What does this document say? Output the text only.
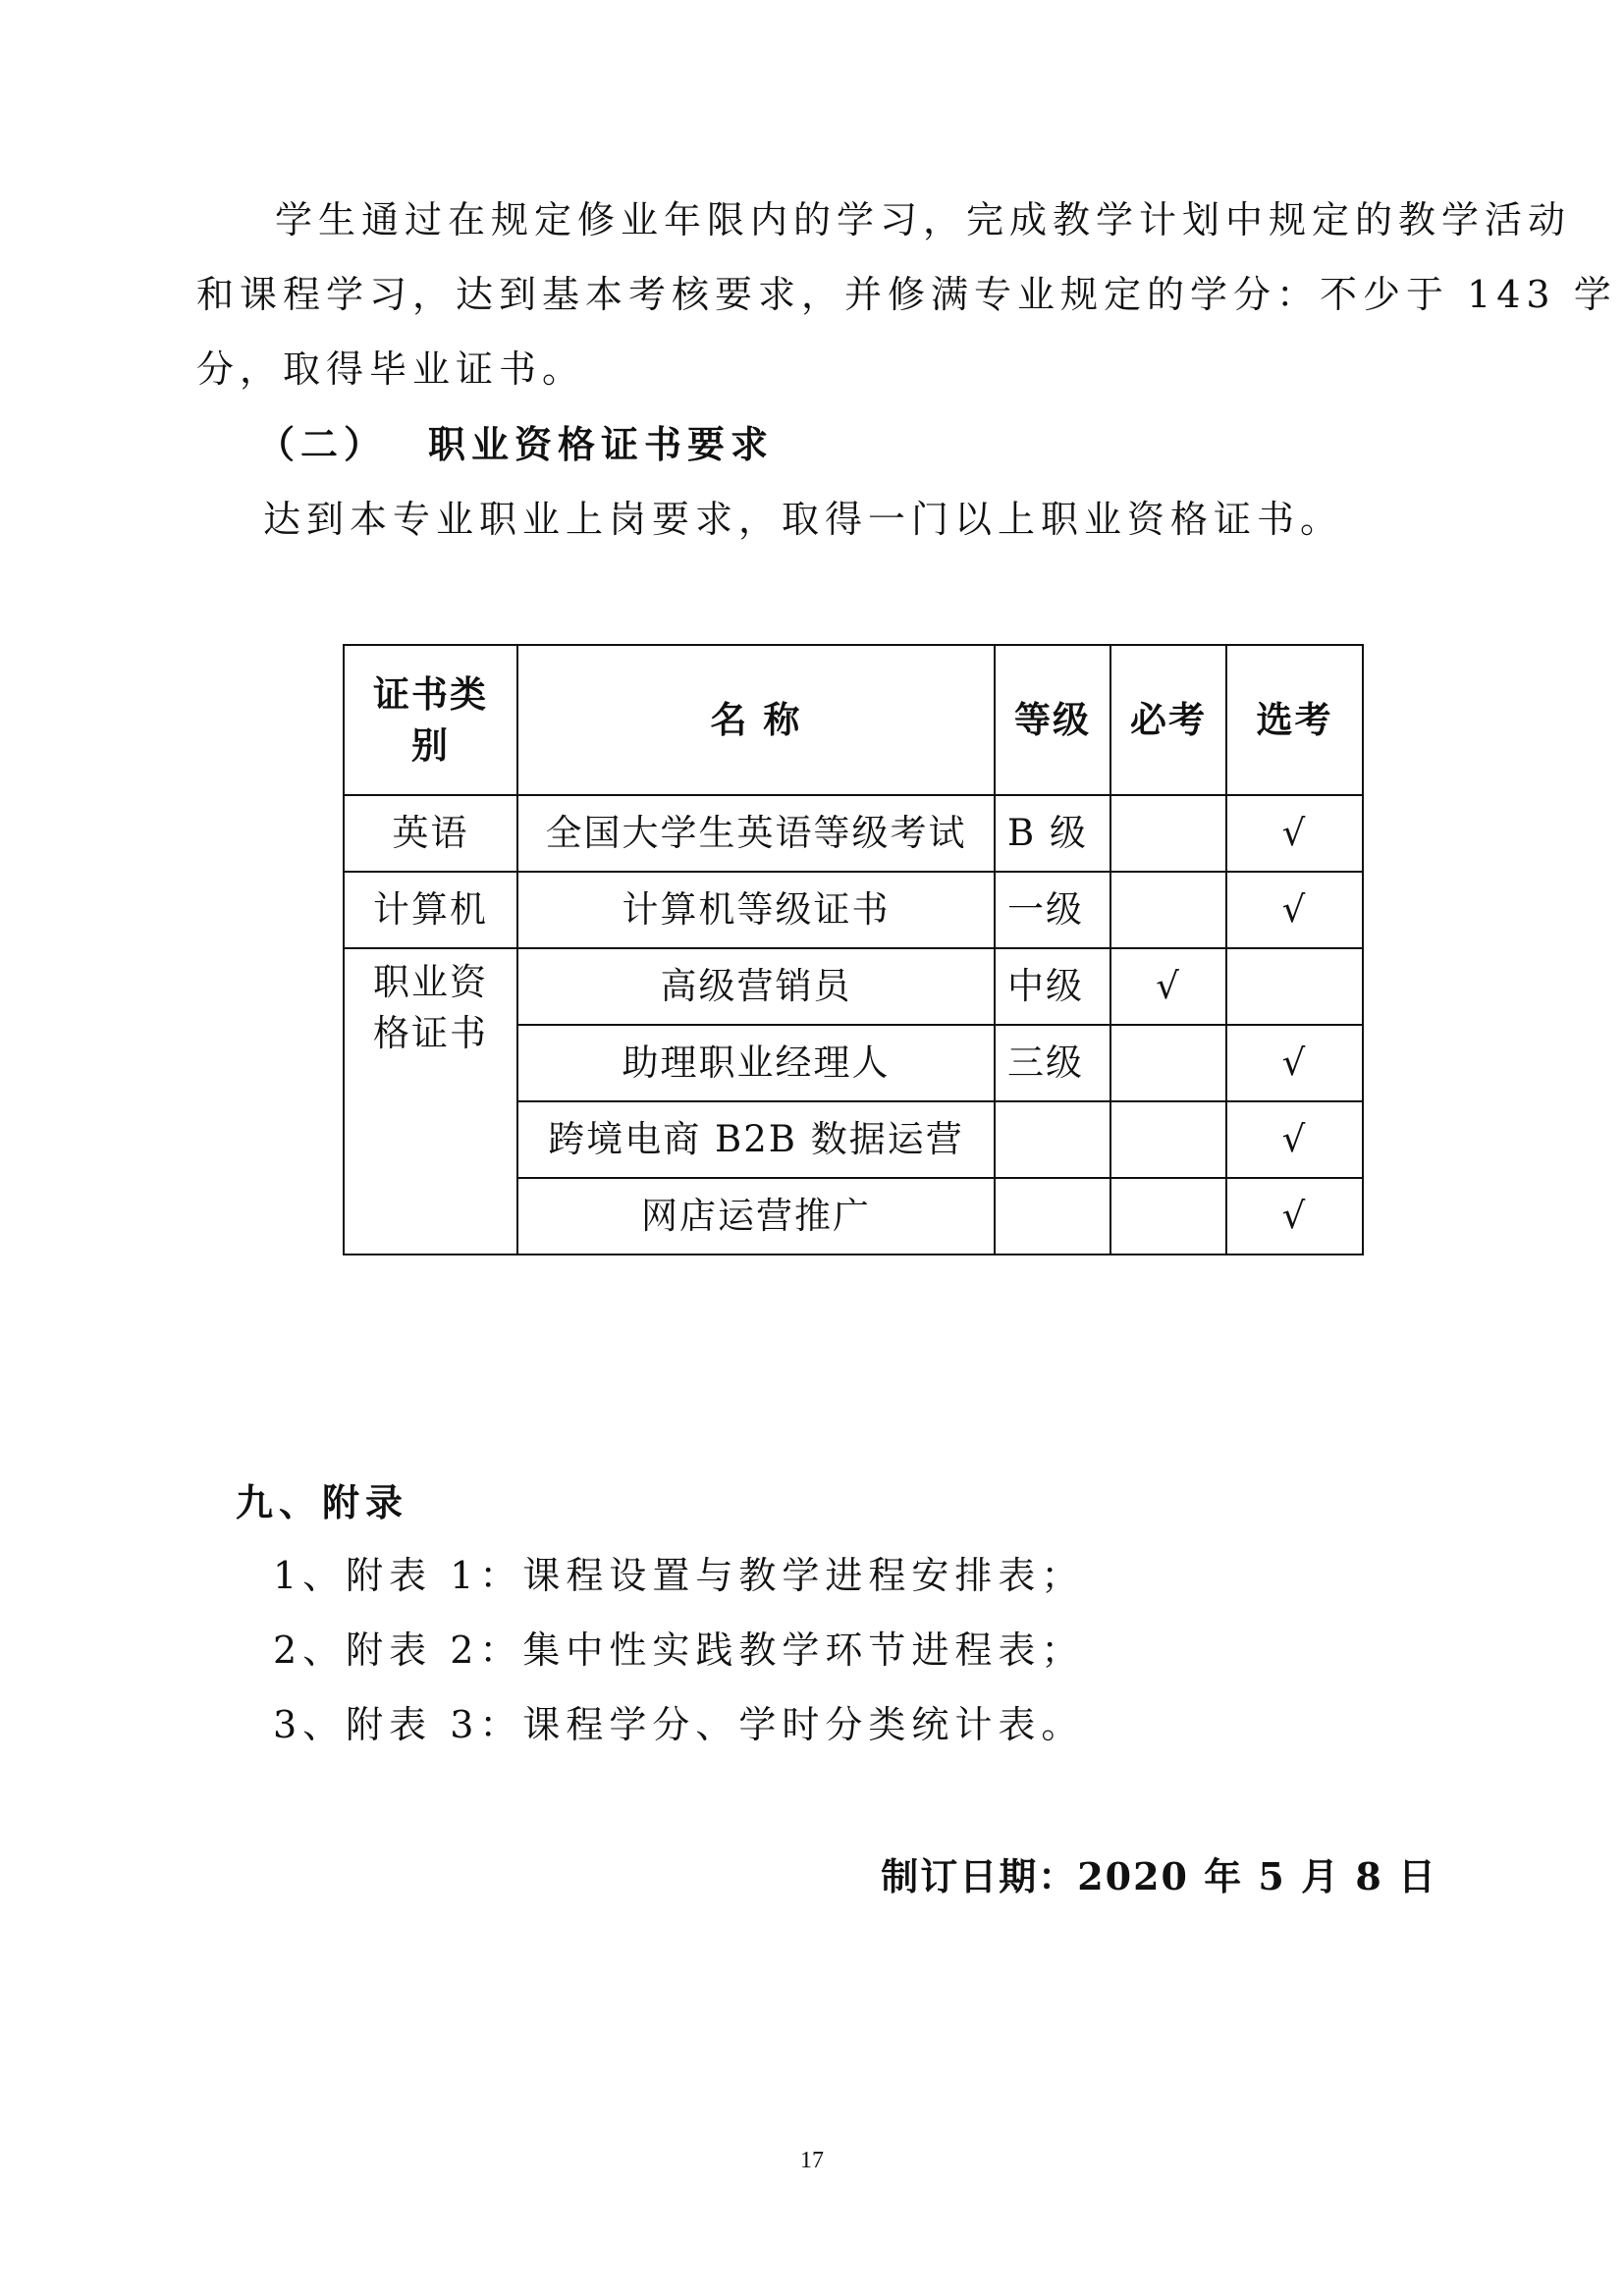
学生通过在规定修业年限内的学习，完成教学计划中规定的教学活动
和课程学习，达到基本考核要求，并修满专业规定的学分：不少于 143 学
分，取得毕业证书。
（二） 职业资格证书要求
达到本专业职业上岗要求，取得一门以上职业资格证书。
证书类别	名 称	等级	必考	选考
英语	全国大学生英语等级考试	B 级		√
计算机	计算机等级证书	一级		√
职业资格证书	高级营销员	中级	√	
	助理职业经理人	三级		√
	跨境电商 B2B 数据运营			√
	网店运营推广			√
九、附录
1、附表 1：课程设置与教学进程安排表；
2、附表 2：集中性实践教学环节进程表；
3、附表 3：课程学分、学时分类统计表。
制订日期：2020 年 5 月 8 日
17
